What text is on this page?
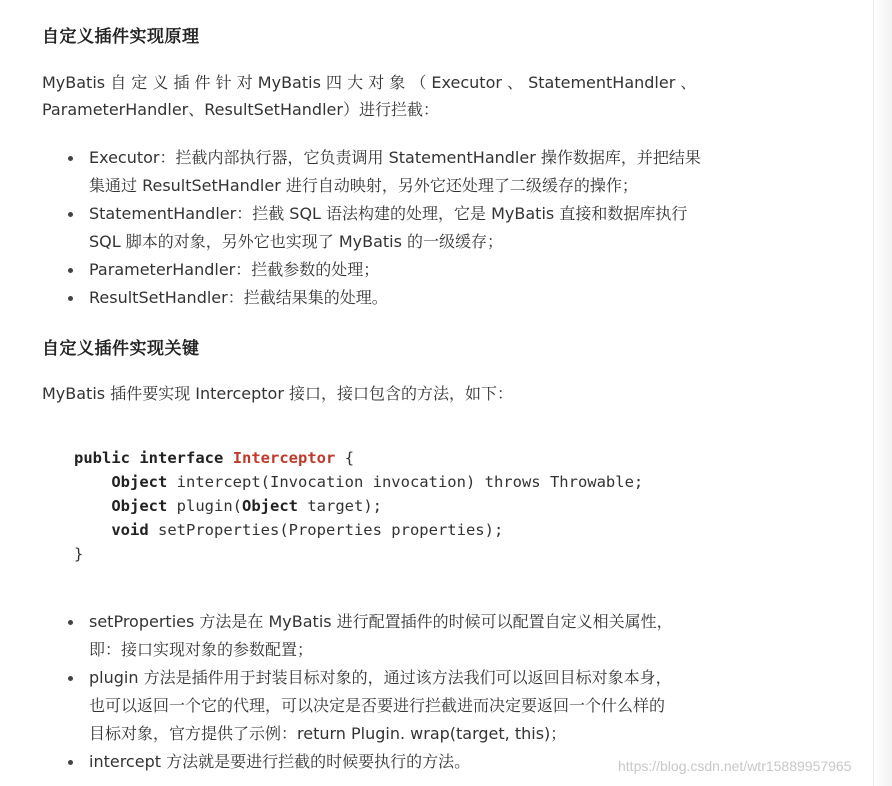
自定义插件实现原理

MyBatis 自 定 义 插 件 针 对 MyBatis 四 大 对 象 （ Executor 、 StatementHandler 、
ParameterHandler、ResultSetHandler）进行拦截：

Executor：拦截内部执行器，它负责调用 StatementHandler 操作数据库，并把结果
集通过 ResultSetHandler 进行自动映射，另外它还处理了二级缓存的操作；
StatementHandler：拦截 SQL 语法构建的处理，它是 MyBatis 直接和数据库执行
SQL 脚本的对象，另外它也实现了 MyBatis 的一级缓存；
ParameterHandler：拦截参数的处理；
ResultSetHandler：拦截结果集的处理。
自定义插件实现关键

MyBatis 插件要实现 Interceptor 接口，接口包含的方法，如下：

public interface Interceptor {
Object intercept(Invocation invocation) throws Throwable;
Object plugin(Object target);
void setProperties(Properties properties);
}
setProperties 方法是在 MyBatis 进行配置插件的时候可以配置自定义相关属性，
即：接口实现对象的参数配置；
plugin 方法是插件用于封装目标对象的，通过该方法我们可以返回目标对象本身，
也可以返回一个它的代理，可以决定是否要进行拦截进而决定要返回一个什么样的
目标对象，官方提供了示例：return Plugin. wrap(target, this)；
intercept 方法就是要进行拦截的时候要执行的方法。	https://blog.csdn.net/wtr15889957965
